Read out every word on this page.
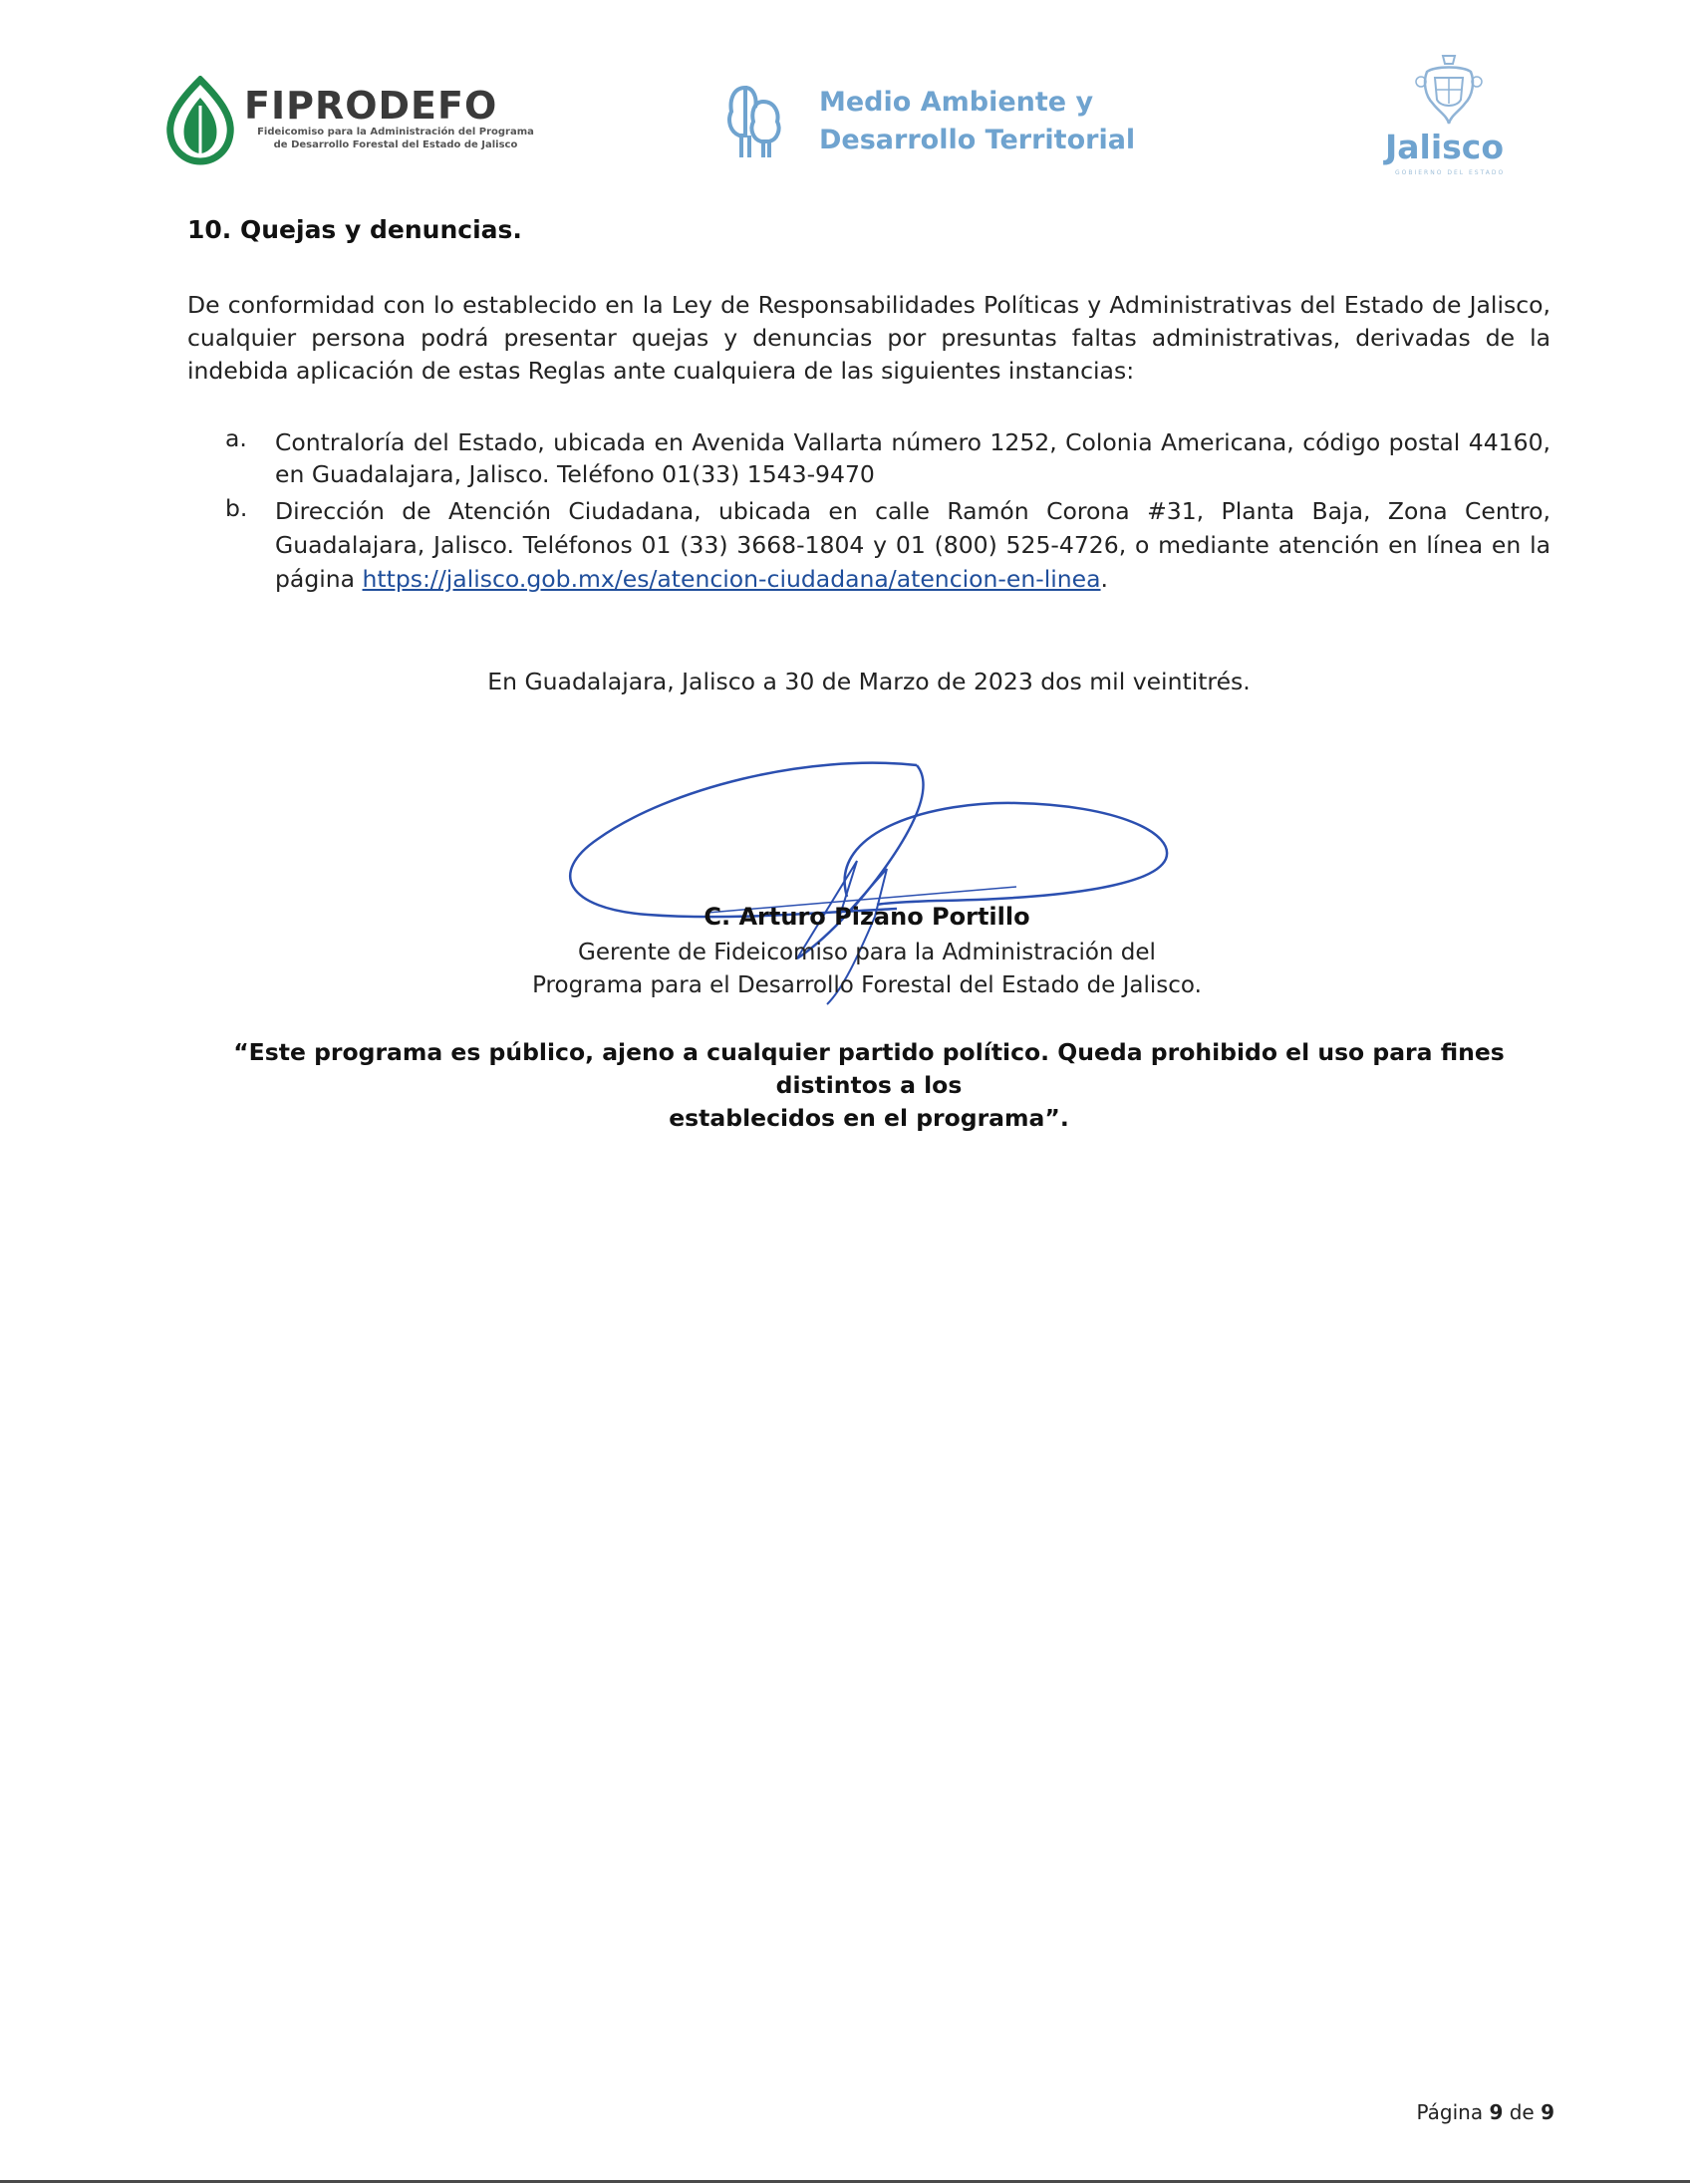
FIPRODEFO
Fideicomiso para la Administración del Programa
de Desarrollo Forestal del Estado de Jalisco
Medio Ambiente y
Desarrollo Territorial	Jalisco
GOBIERNO DEL ESTADO
10. Quejas y denuncias.
De conformidad con lo establecido en la Ley de Responsabilidades Políticas y Administrativas del Estado de Jalisco, cualquier persona podrá presentar quejas y denuncias por presuntas faltas administrativas, derivadas de la indebida aplicación de estas Reglas ante cualquiera de las siguientes instancias:
a. Contraloría del Estado, ubicada en Avenida Vallarta número 1252, Colonia Americana, código postal 44160, en Guadalajara, Jalisco. Teléfono 01(33) 1543-9470
b. Dirección de Atención Ciudadana, ubicada en calle Ramón Corona #31, Planta Baja, Zona Centro, Guadalajara, Jalisco. Teléfonos 01 (33) 3668-1804 y 01 (800) 525-4726, o mediante atención en línea en la página https://jalisco.gob.mx/es/atencion-ciudadana/atencion-en-linea.
En Guadalajara, Jalisco a 30 de Marzo de 2023 dos mil veintitrés.
C. Arturo Pizano Portillo
Gerente de Fideicomiso para la Administración del
Programa para el Desarrollo Forestal del Estado de Jalisco.
“Este programa es público, ajeno a cualquier partido político. Queda prohibido el uso para fines distintos a los
establecidos en el programa”.
Página 9 de 9
